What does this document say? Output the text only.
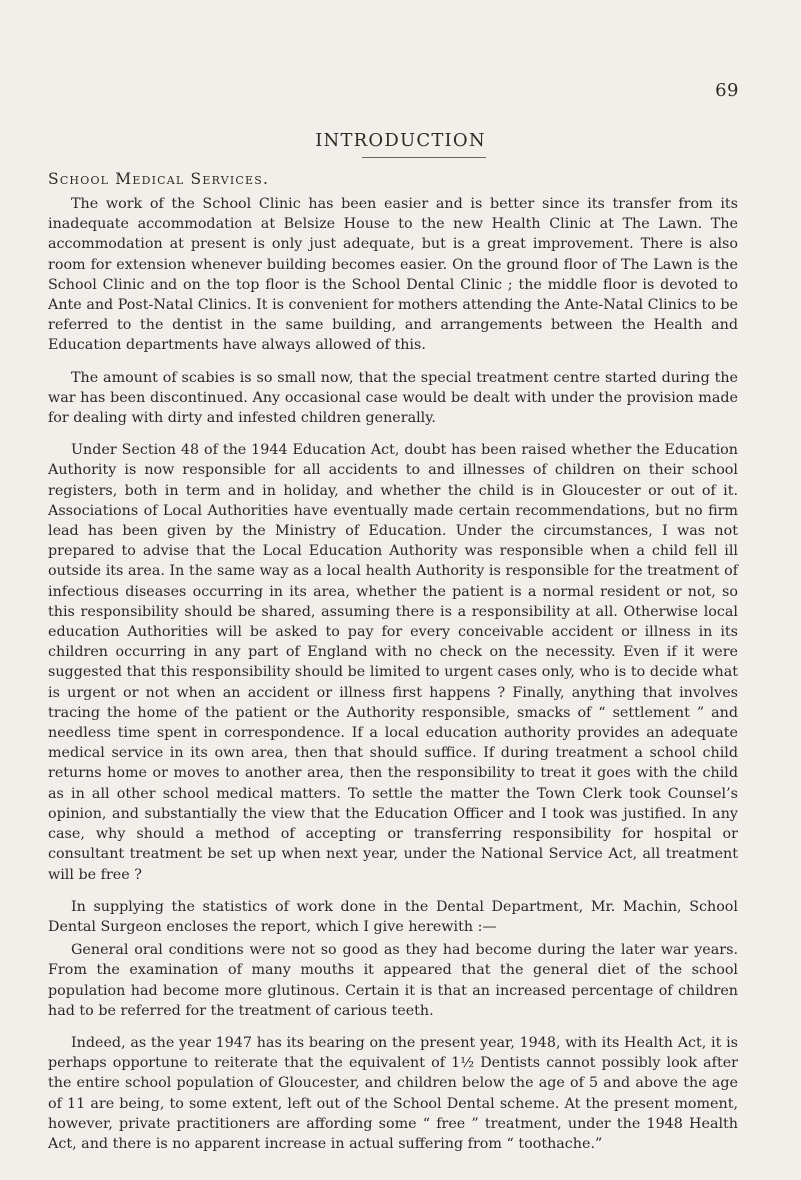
69
INTRODUCTION
School Medical Services.

The work of the School Clinic has been easier and is better since its transfer from its inadequate accommodation at Belsize House to the new Health Clinic at The Lawn. The accommodation at present is only just adequate, but is a great improvement. There is also room for extension whenever building becomes easier. On the ground floor of The Lawn is the School Clinic and on the top floor is the School Dental Clinic ; the middle floor is devoted to Ante and Post-Natal Clinics. It is convenient for mothers attending the Ante-Natal Clinics to be referred to the dentist in the same building, and arrangements between the Health and Education departments have always allowed of this.

The amount of scabies is so small now, that the special treatment centre started during the war has been discontinued. Any occasional case would be dealt with under the provision made for dealing with dirty and infested children generally.

Under Section 48 of the 1944 Education Act, doubt has been raised whether the Education Authority is now responsible for all accidents to and illnesses of children on their school registers, both in term and in holiday, and whether the child is in Gloucester or out of it. Associations of Local Authorities have eventually made certain recommendations, but no firm lead has been given by the Ministry of Education. Under the circumstances, I was not prepared to advise that the Local Education Authority was responsible when a child fell ill outside its area. In the same way as a local health Authority is responsible for the treatment of infectious diseases occurring in its area, whether the patient is a normal resident or not, so this responsibility should be shared, assuming there is a responsibility at all. Otherwise local education Authorities will be asked to pay for every conceivable accident or illness in its children occurring in any part of England with no check on the necessity. Even if it were suggested that this responsibility should be limited to urgent cases only, who is to decide what is urgent or not when an accident or illness first happens ? Finally, anything that involves tracing the home of the patient or the Authority responsible, smacks of “ settlement ” and needless time spent in correspondence. If a local education authority provides an adequate medical service in its own area, then that should suffice. If during treatment a school child returns home or moves to another area, then the responsibility to treat it goes with the child as in all other school medical matters. To settle the matter the Town Clerk took Counsel’s opinion, and substantially the view that the Education Officer and I took was justified. In any case, why should a method of accepting or transferring responsibility for hospital or consultant treatment be set up when next year, under the National Service Act, all treatment will be free ?

In supplying the statistics of work done in the Dental Department, Mr. Machin, School Dental Surgeon encloses the report, which I give herewith :—

General oral conditions were not so good as they had become during the later war years. From the examination of many mouths it appeared that the general diet of the school population had become more glutinous. Certain it is that an increased percentage of children had to be referred for the treatment of carious teeth.

Indeed, as the year 1947 has its bearing on the present year, 1948, with its Health Act, it is perhaps opportune to reiterate that the equivalent of 1½ Dentists cannot possibly look after the entire school population of Gloucester, and children below the age of 5 and above the age of 11 are being, to some extent, left out of the School Dental scheme. At the present moment, however, private practitioners are affording some “ free ” treatment, under the 1948 Health Act, and there is no apparent increase in actual suffering from “ toothache.”
